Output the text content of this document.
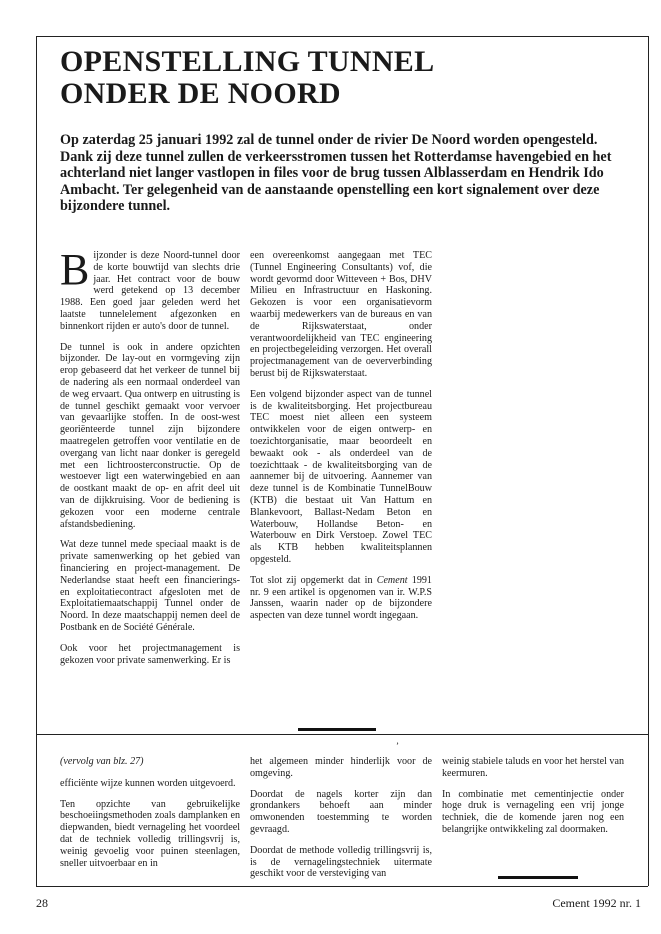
OPENSTELLING TUNNEL
ONDER DE NOORD

Op zaterdag 25 januari 1992 zal de tunnel onder de rivier De Noord worden opengesteld. Dank zij deze tunnel zullen de verkeersstromen tussen het Rotterdamse havengebied en het achterland niet langer vastlopen in files voor de brug tussen Alblasserdam en Hendrik Ido Ambacht. Ter gelegenheid van de aanstaande openstelling een kort signalement over deze bijzondere tunnel.

Bijzonder is deze Noord-tunnel door de korte bouwtijd van slechts drie jaar. Het contract voor de bouw werd getekend op 13 december 1988. Een goed jaar geleden werd het laatste tunnelelement afgezonken en binnenkort rijden er auto's door de tunnel.

De tunnel is ook in andere opzichten bijzonder. De lay-out en vormgeving zijn erop gebaseerd dat het verkeer de tunnel bij de nadering als een normaal onderdeel van de weg ervaart. Qua ontwerp en uitrusting is de tunnel geschikt gemaakt voor vervoer van gevaarlijke stoffen. In de oost-west georiënteerde tunnel zijn bijzondere maatregelen getroffen voor ventilatie en de overgang van licht naar donker is geregeld met een lichtroosterconstructie. Op de westoever ligt een waterwingebied en aan de oostkant maakt de op- en afrit deel uit van de dijkkruising. Voor de bediening is gekozen voor een moderne centrale afstandsbediening.

Wat deze tunnel mede speciaal maakt is de private samenwerking op het gebied van financiering en project-management. De Nederlandse staat heeft een financierings- en exploitatiecontract afgesloten met de Exploitatiemaatschappij Tunnel onder de Noord. In deze maatschappij nemen deel de Postbank en de Société Générale.

Ook voor het projectmanagement is gekozen voor private samenwerking. Er is

een overeenkomst aangegaan met TEC (Tunnel Engineering Consultants) vof, die wordt gevormd door Witteveen + Bos, DHV Milieu en Infrastructuur en Haskoning. Gekozen is voor een organisatievorm waarbij medewerkers van de bureaus en van de Rijkswaterstaat, onder verantwoordelijkheid van TEC engineering en projectbegeleiding verzorgen. Het overall projectmanagement van de oeververbinding berust bij de Rijkswaterstaat.

Een volgend bijzonder aspect van de tunnel is de kwaliteitsborging. Het projectbureau TEC moest niet alleen een systeem ontwikkelen voor de eigen ontwerp- en toezichtorganisatie, maar beoordeelt en bewaakt ook - als onderdeel van de toezichttaak - de kwaliteitsborging van de aannemer bij de uitvoering. Aannemer van deze tunnel is de Kombinatie TunnelBouw (KTB) die bestaat uit Van Hattum en Blankevoort, Ballast-Nedam Beton en Waterbouw, Hollandse Beton- en Waterbouw en Dirk Verstoep. Zowel TEC als KTB hebben kwaliteitsplannen opgesteld.

Tot slot zij opgemerkt dat in Cement 1991 nr. 9 een artikel is opgenomen van ir. W.P.S Janssen, waarin nader op de bijzondere aspecten van deze tunnel wordt ingegaan.

’

(vervolg van blz. 27)

efficiënte wijze kunnen worden uitgevoerd.

Ten opzichte van gebruikelijke beschoeiingsmethoden zoals damplanken en diepwanden, biedt vernageling het voordeel dat de techniek volledig trillingsvrij is, weinig gevoelig voor puinen steenlagen, sneller uitvoerbaar en in

het algemeen minder hinderlijk voor de omgeving.

Doordat de nagels korter zijn dan grondankers behoeft aan minder omwonenden toestemming te worden gevraagd.

Doordat de methode volledig trillingsvrij is, is de vernagelingstechniek uitermate geschikt voor de versteviging van

weinig stabiele taluds en voor het herstel van keermuren.

In combinatie met cementinjectie onder hoge druk is vernageling een vrij jonge techniek, die de komende jaren nog een belangrijke ontwikkeling zal doormaken.

28	Cement 1992 nr. 1
